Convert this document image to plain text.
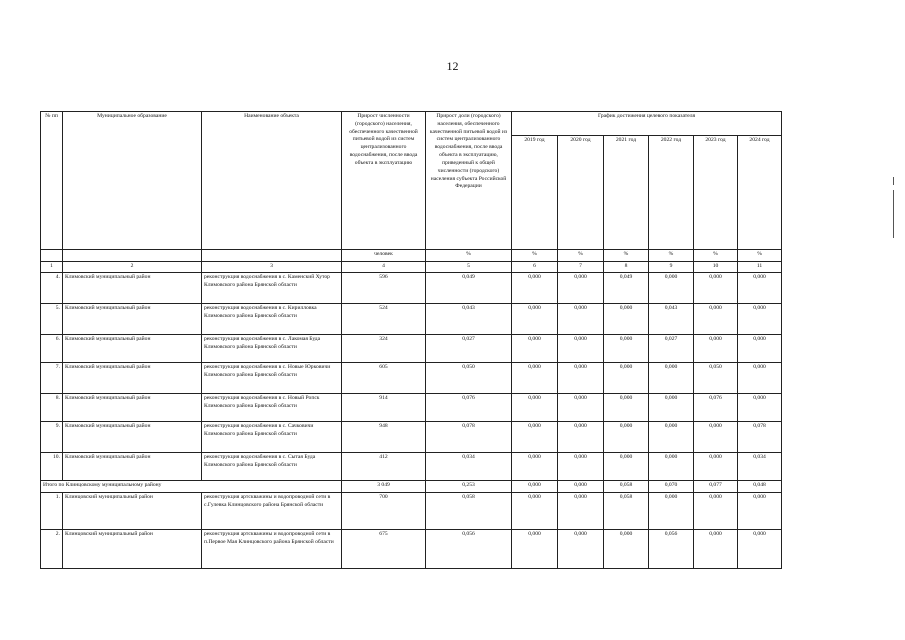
12
№ пп	Муниципальное образование	Наименование объекта	Прирост численности (городского) населения, обеспеченного качественной питьевой водой из систем централизованного водоснабжения, после ввода объекта в эксплуатацию	Прирост доли (городского) населения, обеспеченного качественной питьевой водой из систем централизованного водоснабжения, после ввода объекта в эксплуатацию, приведенный к общей численности (городского) населения субъекта Российской Федерации	График достижения целевого показателя					
					2019 год	2020 год	2021 год	2022 год	2023 год	2024 год
			человек	%	%	%	%	%	%	%
1	2	3	4	5	6	7	8	9	10	11
4.	Климовский муниципальный район	реконструкция водоснабжения в с. Каменский Хутор Климовского района Брянской области	596	0,049	0,000	0,000	0,049	0,000	0,000	0,000
5.	Климовский муниципальный район	реконструкция водоснабжения в с. Кирилловка Климовского района Брянской области	524	0,043	0,000	0,000	0,000	0,043	0,000	0,000
6.	Климовский муниципальный район	реконструкция водоснабжения в с. Лакомая Буда Климовского района Брянской области	324	0,027	0,000	0,000	0,000	0,027	0,000	0,000
7.	Климовский муниципальный район	реконструкция водоснабжения в с. Новые Юрковичи Климовского района Брянской области	605	0,050	0,000	0,000	0,000	0,000	0,050	0,000
8.	Климовский муниципальный район	реконструкция водоснабжения в с. Новый Ропск Климовского района Брянской области	914	0,076	0,000	0,000	0,000	0,000	0,076	0,000
9.	Климовский муниципальный район	реконструкция водоснабжения в с. Сачковичи Климовского района Брянской области	948	0,078	0,000	0,000	0,000	0,000	0,000	0,078
10.	Климовский муниципальный район	реконструкция водоснабжения в с. Сытая Буда Климовского района Брянской области	412	0,034	0,000	0,000	0,000	0,000	0,000	0,034
Итого по Клинцовскому муниципальному району			3 049	0,253	0,000	0,000	0,058	0,070	0,077	0,048
1.	Клинцовский муниципальный район	реконструкция артскважины и водопроводной сети в с.Гулевка Клинцовского района Брянской области	700	0,058	0,000	0,000	0,058	0,000	0,000	0,000
2.	Клинцовский муниципальный район	реконструкция артскважины и водопроводной сети в п.Первое Мая Клинцовского района Брянской области	675	0,056	0,000	0,000	0,000	0,056	0,000	0,000
